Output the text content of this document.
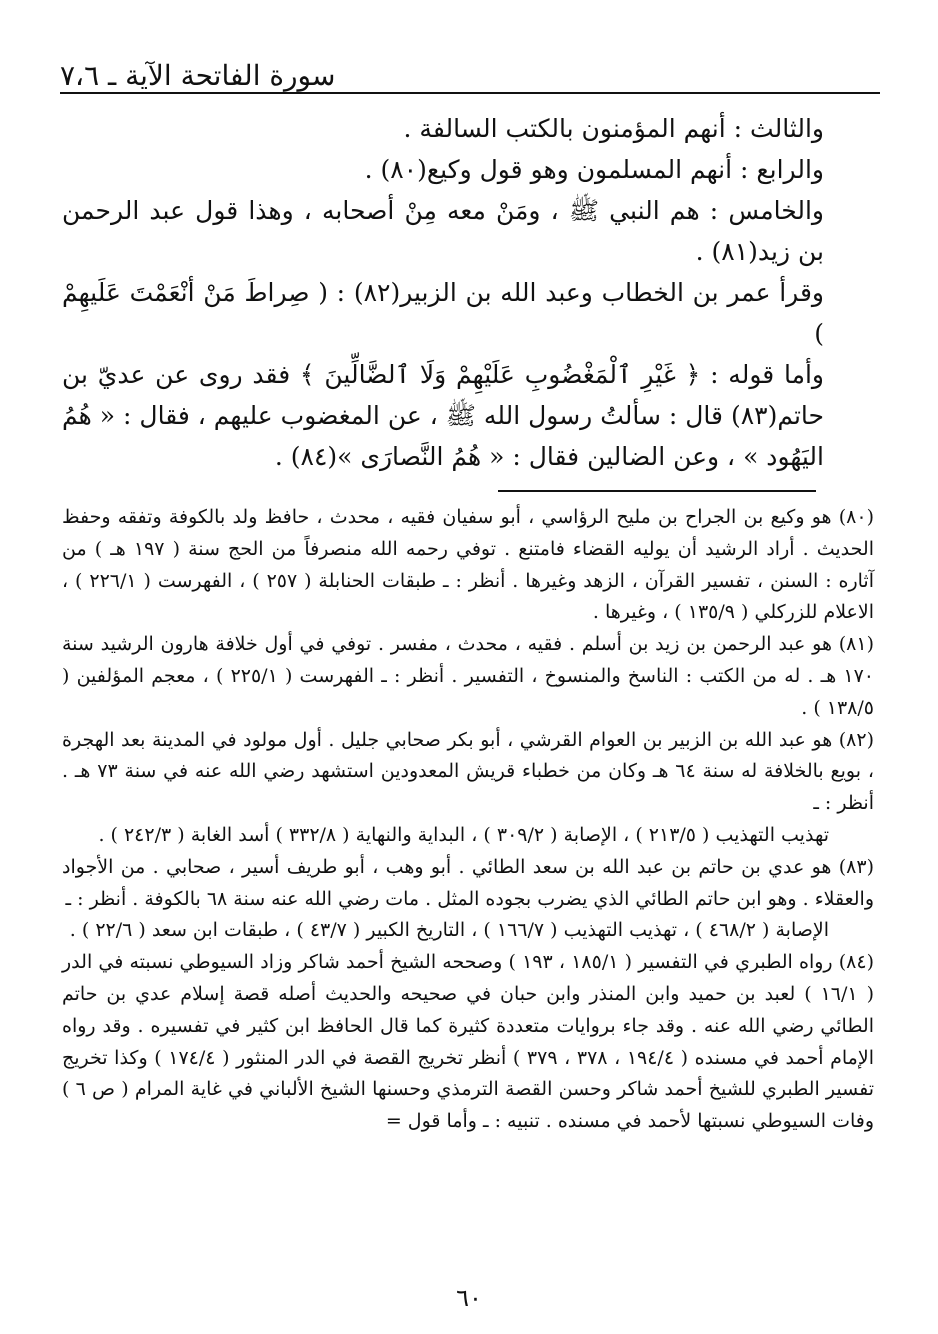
سورة الفاتحة الآية ـ ٧،٦

والثالث : أنهم المؤمنون بالكتب السالفة .

والرابع : أنهم المسلمون وهو قول وكيع(٨٠) .

والخامس : هم النبي ﷺ ، ومَنْ معه مِنْ أصحابه ، وهذا قول عبد الرحمن بن زيد(٨١) .

وقرأ عمر بن الخطاب وعبد الله بن الزبير(٨٢) : ( صِراطَ مَنْ أنْعَمْتَ عَلَيهِمْ )

وأما قوله : ﴿ غَيْرِ ٱلْمَغْضُوبِ عَلَيْهِمْ وَلَا ٱلضَّالِّينَ ﴾ فقد روى عن عديّ بن حاتم(٨٣) قال : سألتُ رسول الله ﷺ ، عن المغضوب عليهم ، فقال : « هُمُ اليَهُود » ، وعن الضالين فقال : « هُمُ النَّصارَى »(٨٤) .

(٨٠) هو وكيع بن الجراح بن مليح الرؤاسي ، أبو سفيان فقيه ، محدث ، حافظ ولد بالكوفة وتفقه وحفظ الحديث . أراد الرشيد أن يوليه القضاء فامتنع . توفي رحمه الله منصرفاً من الحج سنة ( ١٩٧ هـ ) من آثاره : السنن ، تفسير القرآن ، الزهد وغيرها . أنظر : ـ طبقات الحنابلة ( ٢٥٧ ) ، الفهرست ( ٢٢٦/١ ) ، الاعلام للزركلي ( ١٣٥/٩ ) ، وغيرها .

(٨١) هو عبد الرحمن بن زيد بن أسلم . فقيه ، محدث ، مفسر . توفي في أول خلافة هارون الرشيد سنة ١٧٠ هـ . له من الكتب : الناسخ والمنسوخ ، التفسير . أنظر : ـ الفهرست ( ٢٢٥/١ ) ، معجم المؤلفين ( ١٣٨/٥ ) .

(٨٢) هو عبد الله بن الزبير بن العوام القرشي ، أبو بكر صحابي جليل . أول مولود في المدينة بعد الهجرة ، بويع بالخلافة له سنة ٦٤ هـ وكان من خطباء قريش المعدودين استشهد رضي الله عنه في سنة ٧٣ هـ . أنظر : ـ

تهذيب التهذيب ( ٢١٣/٥ ) ، الإصابة ( ٣٠٩/٢ ) ، البداية والنهاية ( ٣٣٢/٨ ) أسد الغابة ( ٢٤٢/٣ ) .

(٨٣) هو عدي بن حاتم بن عبد الله بن سعد الطائي . أبو وهب ، أبو طريف أسير ، صحابي . من الأجواد والعقلاء . وهو ابن حاتم الطائي الذي يضرب بجوده المثل . مات رضي الله عنه سنة ٦٨ بالكوفة . أنظر : ـ

الإصابة ( ٤٦٨/٢ ) ، تهذيب التهذيب ( ١٦٦/٧ ) ، التاريخ الكبير ( ٤٣/٧ ) ، طبقات ابن سعد ( ٢٢/٦ ) .

(٨٤) رواه الطبري في التفسير ( ١٨٥/١ ، ١٩٣ ) وصححه الشيخ أحمد شاكر وزاد السيوطي نسبته في الدر ( ١٦/١ ) لعبد بن حميد وابن المنذر وابن حبان في صحيحه والحديث أصله قصة إسلام عدي بن حاتم الطائي رضي الله عنه . وقد جاء بروايات متعددة كثيرة كما قال الحافظ ابن كثير في تفسيره . وقد رواه الإمام أحمد في مسنده ( ١٩٤/٤ ، ٣٧٨ ، ٣٧٩ ) أنظر تخريج القصة في الدر المنثور ( ١٧٤/٤ ) وكذا تخريج تفسير الطبري للشيخ أحمد شاكر وحسن القصة الترمذي وحسنها الشيخ الألباني في غاية المرام ( ص ٦ ) وفات السيوطي نسبتها لأحمد في مسنده . تنبيه : ـ وأما قول =

٦٠
